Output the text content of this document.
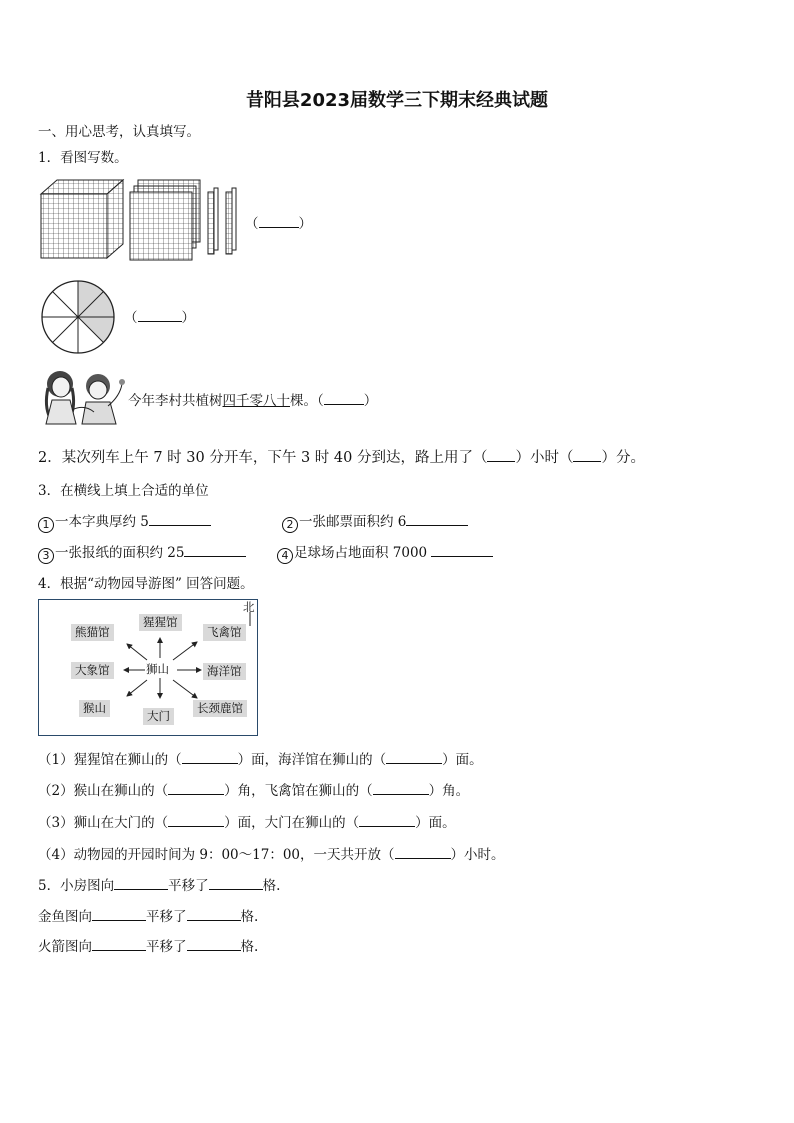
昔阳县2023届数学三下期末经典试题
一、用心思考，认真填写。
1．看图写数。
（	）
（	）
今年李村共植树四千零八十棵。（	）
2．某次列车上午 7 时 30 分开车，下午 3 时 40 分到达，路上用了（ ）小时（ ）分。
3．在横线上填上合适的单位
1 一本字典厚约 5	2 一张邮票面积约 6
3 一张报纸的面积约 25	4 足球场占地面积 7000
4．根据“动物园导游图” 回答问题。
北
熊猫馆
猩猩馆
飞禽馆
大象馆	狮山	海洋馆
猴山
大门
长颈鹿馆
（1）猩猩馆在狮山的（	）面，海洋馆在狮山的（	）面。
（2）猴山在狮山的（	）角，飞禽馆在狮山的（	）角。
（3）狮山在大门的（	）面，大门在狮山的（	）面。
（4）动物园的开园时间为 9：00～17：00，一天共开放（	）小时。
5．小房图向	平移了	格.
金鱼图向	平移了	格.
火箭图向	平移了	格.
